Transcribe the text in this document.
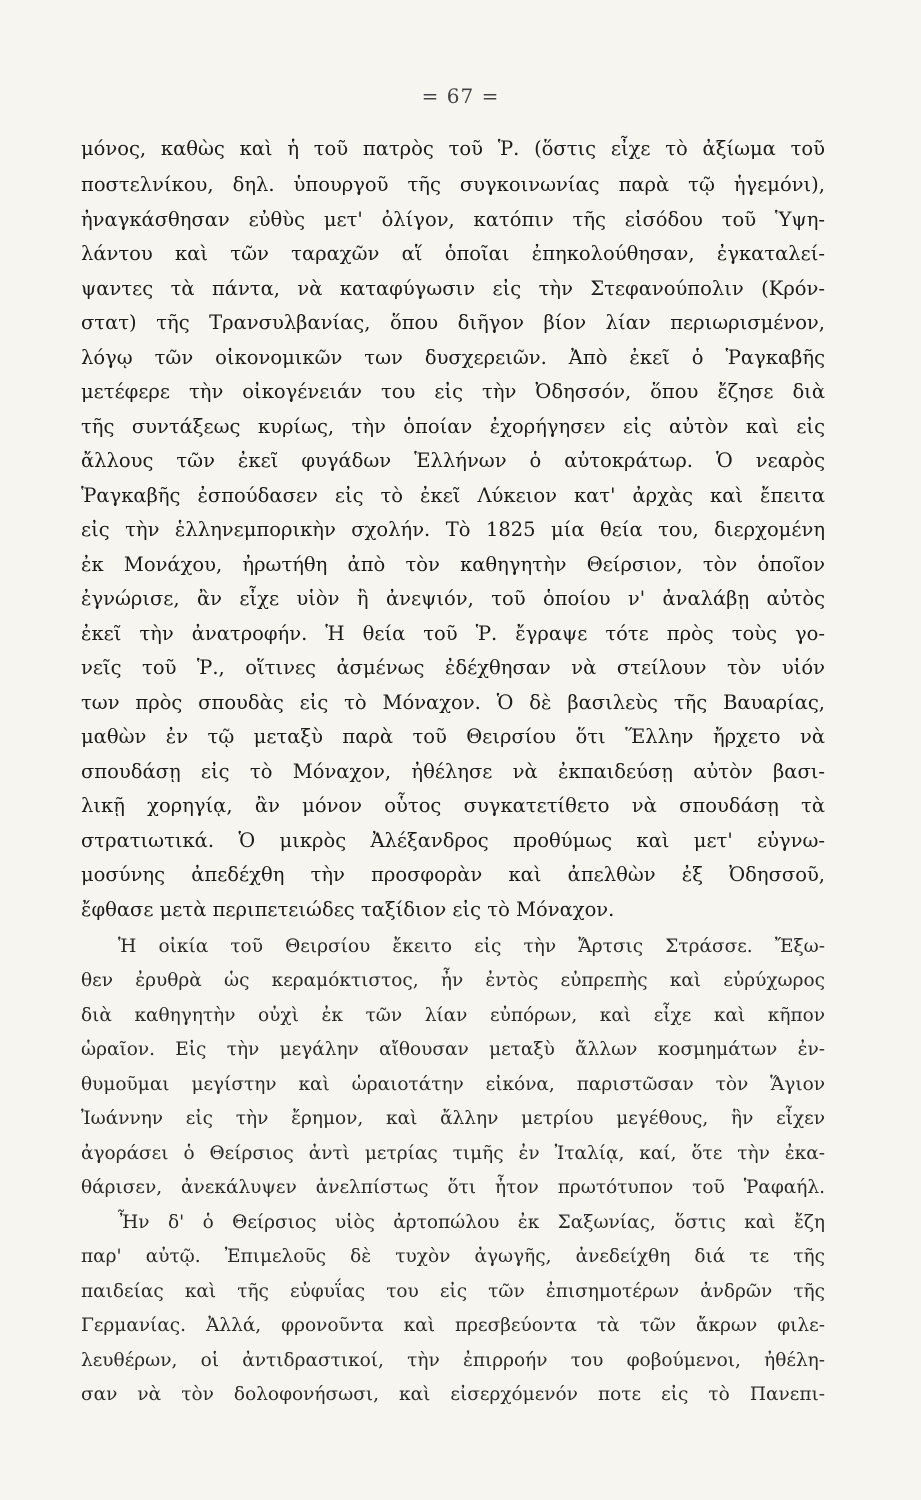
= 67 =
μόνος, καθὼς καὶ ἡ τοῦ πατρὸς τοῦ Ῥ. (ὅστις εἶχε τὸ ἀξίωμα τοῦ
ποστελνίκου, δηλ. ὑπουργοῦ τῆς συγκοινωνίας παρὰ τῷ ἡγεμόνι),
ἠναγκάσθησαν εὐθὺς μετ' ὀλίγον, κατόπιν τῆς εἰσόδου τοῦ Ὑψη-
λάντου καὶ τῶν ταραχῶν αἵ ὁποῖαι ἐπηκολούθησαν, ἐγκαταλεί-
ψαντες τὰ πάντα, νὰ καταφύγωσιν εἰς τὴν Στεφανούπολιν (Κρόν-
στατ) τῆς Τρανσυλβανίας, ὅπου διῆγον βίον λίαν περιωρισμένον,
λόγῳ τῶν οἰκονομικῶν των δυσχερειῶν. Ἀπὸ ἐκεῖ ὁ Ῥαγκαβῆς
μετέφερε τὴν οἰκογένειάν του εἰς τὴν Ὀδησσόν, ὅπου ἔζησε διὰ
τῆς συντάξεως κυρίως, τὴν ὁποίαν ἐχορήγησεν εἰς αὐτὸν καὶ εἰς
ἄλλους τῶν ἐκεῖ φυγάδων Ἑλλήνων ὁ αὐτοκράτωρ. Ὁ νεαρὸς
Ῥαγκαβῆς ἐσπούδασεν εἰς τὸ ἐκεῖ Λύκειον κατ' ἀρχὰς καὶ ἔπειτα
εἰς τὴν ἑλληνεμπορικὴν σχολήν. Τὸ 1825 μία θεία του, διερχομένη
ἐκ Μονάχου, ἠρωτήθη ἀπὸ τὸν καθηγητὴν Θείρσιον, τὸν ὁποῖον
ἐγνώρισε, ἂν εἶχε υἱὸν ἢ ἀνεψιόν, τοῦ ὁποίου ν' ἀναλάβῃ αὐτὸς
ἐκεῖ τὴν ἀνατροφήν. Ἡ θεία τοῦ Ῥ. ἔγραψε τότε πρὸς τοὺς γο-
νεῖς τοῦ Ῥ., οἵτινες ἀσμένως ἐδέχθησαν νὰ στείλουν τὸν υἱόν
των πρὸς σπουδὰς εἰς τὸ Μόναχον. Ὁ δὲ βασιλεὺς τῆς Βαυαρίας,
μαθὼν ἐν τῷ μεταξὺ παρὰ τοῦ Θειρσίου ὅτι Ἕλλην ἤρχετο νὰ
σπουδάσῃ εἰς τὸ Μόναχον, ἠθέλησε νὰ ἐκπαιδεύσῃ αὐτὸν βασι-
λικῇ χορηγίᾳ, ἂν μόνον οὗτος συγκατετίθετο νὰ σπουδάσῃ τὰ
στρατιωτικά. Ὁ μικρὸς Ἀλέξανδρος προθύμως καὶ μετ' εὐγνω-
μοσύνης ἀπεδέχθη τὴν προσφορὰν καὶ ἀπελθὼν ἐξ Ὀδησσοῦ,
ἔφθασε μετὰ περιπετειώδες ταξίδιον εἰς τὸ Μόναχον.
Ἡ οἰκία τοῦ Θειρσίου ἔκειτο εἰς τὴν Ἄρτσις Στράσσε. Ἔξω-
θεν ἐρυθρὰ ὡς κεραμόκτιστος, ἦν ἐντὸς εὐπρεπὴς καὶ εὐρύχωρος
διὰ καθηγητὴν οὐχὶ ἐκ τῶν λίαν εὐπόρων, καὶ εἶχε καὶ κῆπον
ὡραῖον. Εἰς τὴν μεγάλην αἴθουσαν μεταξὺ ἄλλων κοσμημάτων ἐν-
θυμοῦμαι μεγίστην καὶ ὡραιοτάτην εἰκόνα, παριστῶσαν τὸν Ἅγιον
Ἰωάννην εἰς τὴν ἔρημον, καὶ ἄλλην μετρίου μεγέθους, ἣν εἶχεν
ἀγοράσει ὁ Θείρσιος ἀντὶ μετρίας τιμῆς ἐν Ἰταλίᾳ, καί, ὅτε τὴν ἐκα-
θάρισεν, ἀνεκάλυψεν ἀνελπίστως ὅτι ἦτον πρωτότυπον τοῦ Ῥαφαήλ.
Ἦν δ' ὁ Θείρσιος υἱὸς ἀρτοπώλου ἐκ Σαξωνίας, ὅστις καὶ ἔζη
παρ' αὐτῷ. Ἐπιμελοῦς δὲ τυχὸν ἀγωγῆς, ἀνεδείχθη διά τε τῆς
παιδείας καὶ τῆς εὐφυΐας του εἰς τῶν ἐπισημοτέρων ἀνδρῶν τῆς
Γερμανίας. Ἀλλά, φρονοῦντα καὶ πρεσβεύοντα τὰ τῶν ἄκρων φιλε-
λευθέρων, οἱ ἀντιδραστικοί, τὴν ἐπιρροήν του φοβούμενοι, ἠθέλη-
σαν νὰ τὸν δολοφονήσωσι, καὶ εἰσερχόμενόν ποτε εἰς τὸ Πανεπι-
